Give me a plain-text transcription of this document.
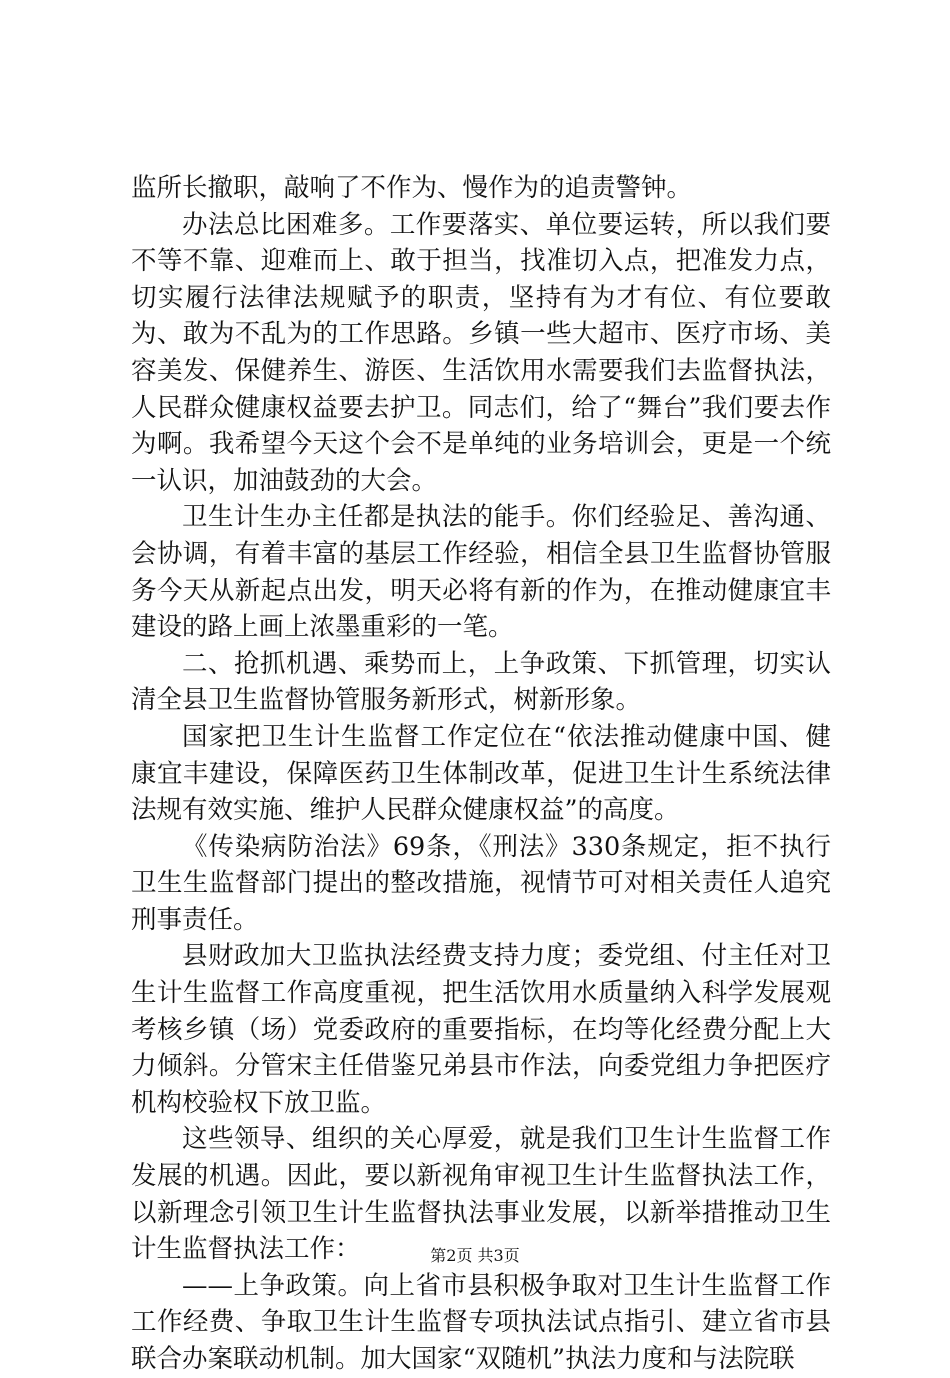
监所长撤职，敲响了不作为、慢作为的追责警钟。

办法总比困难多。工作要落实、单位要运转，所以我们要不等不靠、迎难而上、敢于担当，找准切入点，把准发力点，切实履行法律法规赋予的职责，坚持有为才有位、有位要敢为、敢为不乱为的工作思路。乡镇一些大超市、医疗市场、美容美发、保健养生、游医、生活饮用水需要我们去监督执法，人民群众健康权益要去护卫。同志们，给了“舞台”我们要去作为啊。我希望今天这个会不是单纯的业务培训会，更是一个统一认识，加油鼓劲的大会。

卫生计生办主任都是执法的能手。你们经验足、善沟通、会协调，有着丰富的基层工作经验，相信全县卫生监督协管服务今天从新起点出发，明天必将有新的作为，在推动健康宜丰建设的路上画上浓墨重彩的一笔。

二、抢抓机遇、乘势而上，上争政策、下抓管理，切实认清全县卫生监督协管服务新形式，树新形象。

国家把卫生计生监督工作定位在“依法推动健康中国、健康宜丰建设，保障医药卫生体制改革，促进卫生计生系统法律法规有效实施、维护人民群众健康权益”的高度。

《传染病防治法》69条，《刑法》330条规定，拒不执行卫生生监督部门提出的整改措施，视情节可对相关责任人追究刑事责任。

县财政加大卫监执法经费支持力度；委党组、付主任对卫生计生监督工作高度重视，把生活饮用水质量纳入科学发展观考核乡镇（场）党委政府的重要指标，在均等化经费分配上大力倾斜。分管宋主任借鉴兄弟县市作法，向委党组力争把医疗机构校验权下放卫监。

这些领导、组织的关心厚爱，就是我们卫生计生监督工作发展的机遇。因此，要以新视角审视卫生计生监督执法工作，以新理念引领卫生计生监督执法事业发展，以新举措推动卫生计生监督执法工作：

——上争政策。向上省市县积极争取对卫生计生监督工作工作经费、争取卫生计生监督专项执法试点指引、建立省市县联合办案联动机制。加大国家“双随机”执法力度和与法院联

第2页 共3页
